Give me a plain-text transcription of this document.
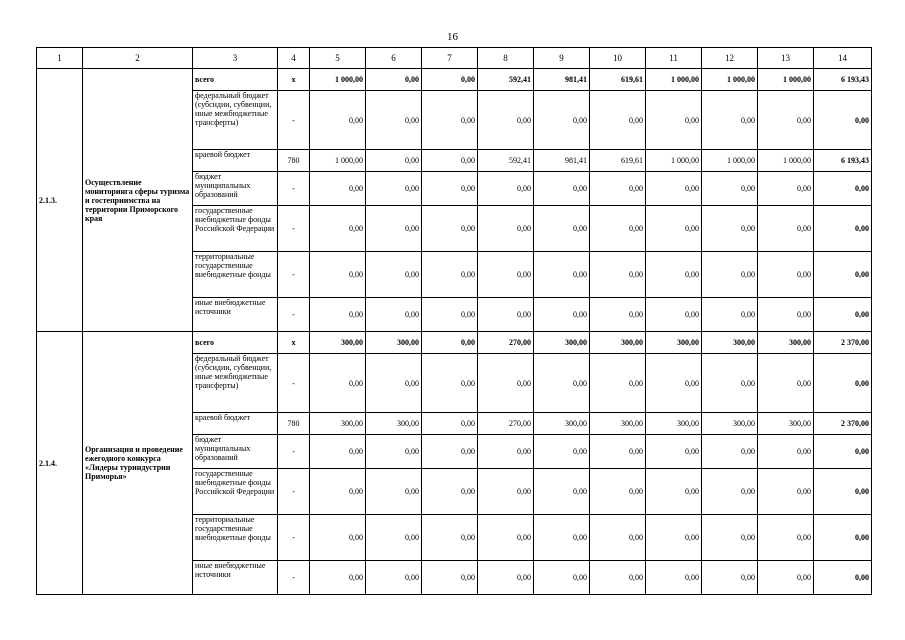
16
1	2	3	4	5	6	7	8	9	10	11	12	13	14
2.1.3.	Осуществление мониторинга сферы туризма и гостеприимства на территории Приморского края	всего	х	1 000,00	0,00	0,00	592,41	981,41	619,61	1 000,00	1 000,00	1 000,00	6 193,43
		федеральный бюджет (субсидии, субвенции, иные межбюджетные трансферты)	-	0,00	0,00	0,00	0,00	0,00	0,00	0,00	0,00	0,00	0,00
		краевой бюджет	780	1 000,00	0,00	0,00	592,41	981,41	619,61	1 000,00	1 000,00	1 000,00	6 193,43
		бюджет муниципальных образований	-	0,00	0,00	0,00	0,00	0,00	0,00	0,00	0,00	0,00	0,00
		государственные внебюджетные фонды Российской Федерации	-	0,00	0,00	0,00	0,00	0,00	0,00	0,00	0,00	0,00	0,00
		территориальные государственные внебюджетные фонды	-	0,00	0,00	0,00	0,00	0,00	0,00	0,00	0,00	0,00	0,00
		иные внебюджетные источники	-	0,00	0,00	0,00	0,00	0,00	0,00	0,00	0,00	0,00	0,00
2.1.4.	Организация и проведение ежегодного конкурса «Лидеры туриндустрии Приморья»	всего	х	300,00	300,00	0,00	270,00	300,00	300,00	300,00	300,00	300,00	2 370,00
		федеральный бюджет (субсидии, субвенции, иные межбюджетные трансферты)	-	0,00	0,00	0,00	0,00	0,00	0,00	0,00	0,00	0,00	0,00
		краевой бюджет	780	300,00	300,00	0,00	270,00	300,00	300,00	300,00	300,00	300,00	2 370,00
		бюджет муниципальных образований	-	0,00	0,00	0,00	0,00	0,00	0,00	0,00	0,00	0,00	0,00
		государственные внебюджетные фонды Российской Федерации	-	0,00	0,00	0,00	0,00	0,00	0,00	0,00	0,00	0,00	0,00
		территориальные государственные внебюджетные фонды	-	0,00	0,00	0,00	0,00	0,00	0,00	0,00	0,00	0,00	0,00
		иные внебюджетные источники	-	0,00	0,00	0,00	0,00	0,00	0,00	0,00	0,00	0,00	0,00
